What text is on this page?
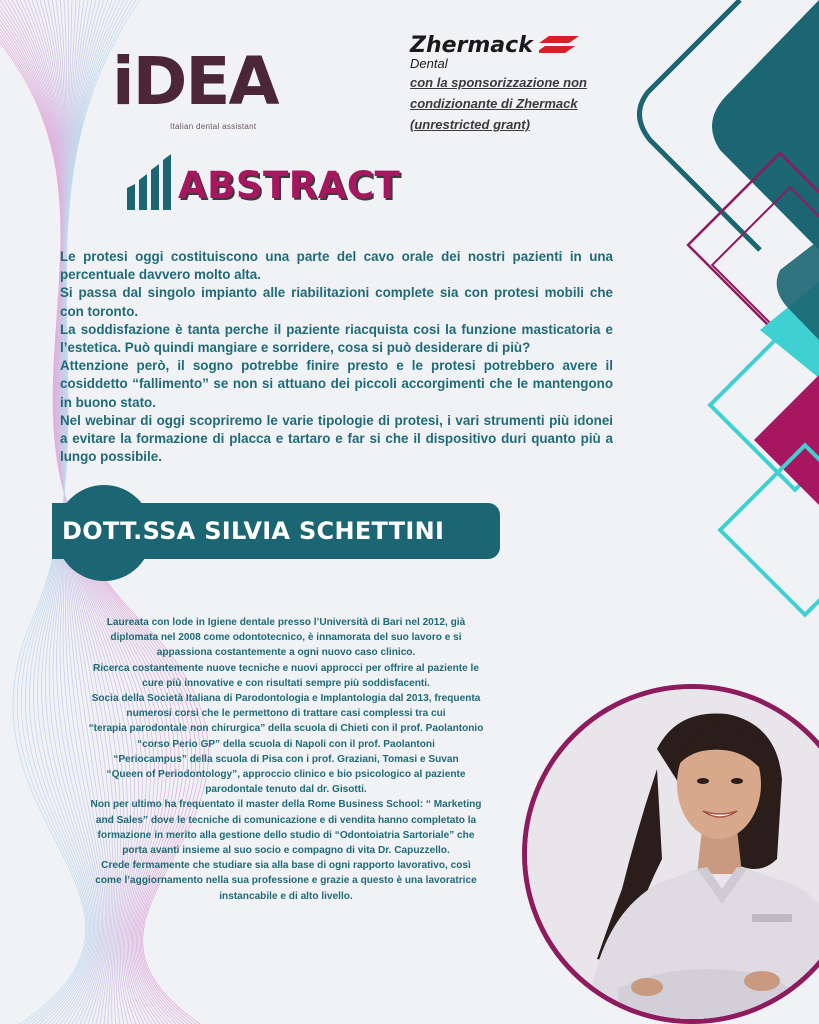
iDEA
Italian dental assistant
Zhermack
Dental
con la sponsorizzazione non
condizionante di Zhermack
(unrestricted grant)
ABSTRACT

Le protesi oggi costituiscono una parte del cavo orale dei nostri pazienti in una percentuale davvero molto alta.

Si passa dal singolo impianto alle riabilitazioni complete sia con protesi mobili che con toronto.

La soddisfazione è tanta perche il paziente riacquista cosi la funzione masticatoria e l’estetica. Può quindi mangiare e sorridere, cosa si può desiderare di più?

Attenzione però, il sogno potrebbe finire presto e le protesi potrebbero avere il cosiddetto “fallimento” se non si attuano dei piccoli accorgimenti che le mantengono in buono stato.

Nel webinar di oggi scopriremo le varie tipologie di protesi, i vari strumenti più idonei a evitare la formazione di placca e tartaro e far si che il dispositivo duri quanto più a lungo possibile.

DOTT.SSA SILVIA SCHETTINI

Laureata con lode in Igiene dentale presso l’Università di Bari nel 2012, già

diplomata nel 2008 come odontotecnico, è innamorata del suo lavoro e si

appassiona costantemente a ogni nuovo caso clinico.

Ricerca costantemente nuove tecniche e nuovi approcci per offrire al paziente le

cure più innovative e con risultati sempre più soddisfacenti.

Socia della Società Italiana di Parodontologia e Implantologia dal 2013, frequenta

numerosi corsi che le permettono di trattare casi complessi tra cui

“terapia parodontale non chirurgica” della scuola di Chieti con il prof. Paolantonio

“corso Perio GP” della scuola di Napoli con il prof. Paolantoni

“Periocampus” della scuola di Pisa con i prof. Graziani, Tomasi e Suvan

“Queen of Periodontology”, approccio clinico e bio psicologico al paziente

parodontale tenuto dal dr. Gisotti.

Non per ultimo ha frequentato il master della Rome Business School: “ Marketing

and Sales” dove le tecniche di comunicazione e di vendita hanno completato la

formazione in merito alla gestione dello studio di “Odontoiatria Sartoriale” che

porta avanti insieme al suo socio e compagno di vita Dr. Capuzzello.

Crede fermamente che studiare sia alla base di ogni rapporto lavorativo, così

come l’aggiornamento nella sua professione e grazie a questo è una lavoratrice

instancabile e di alto livello.
